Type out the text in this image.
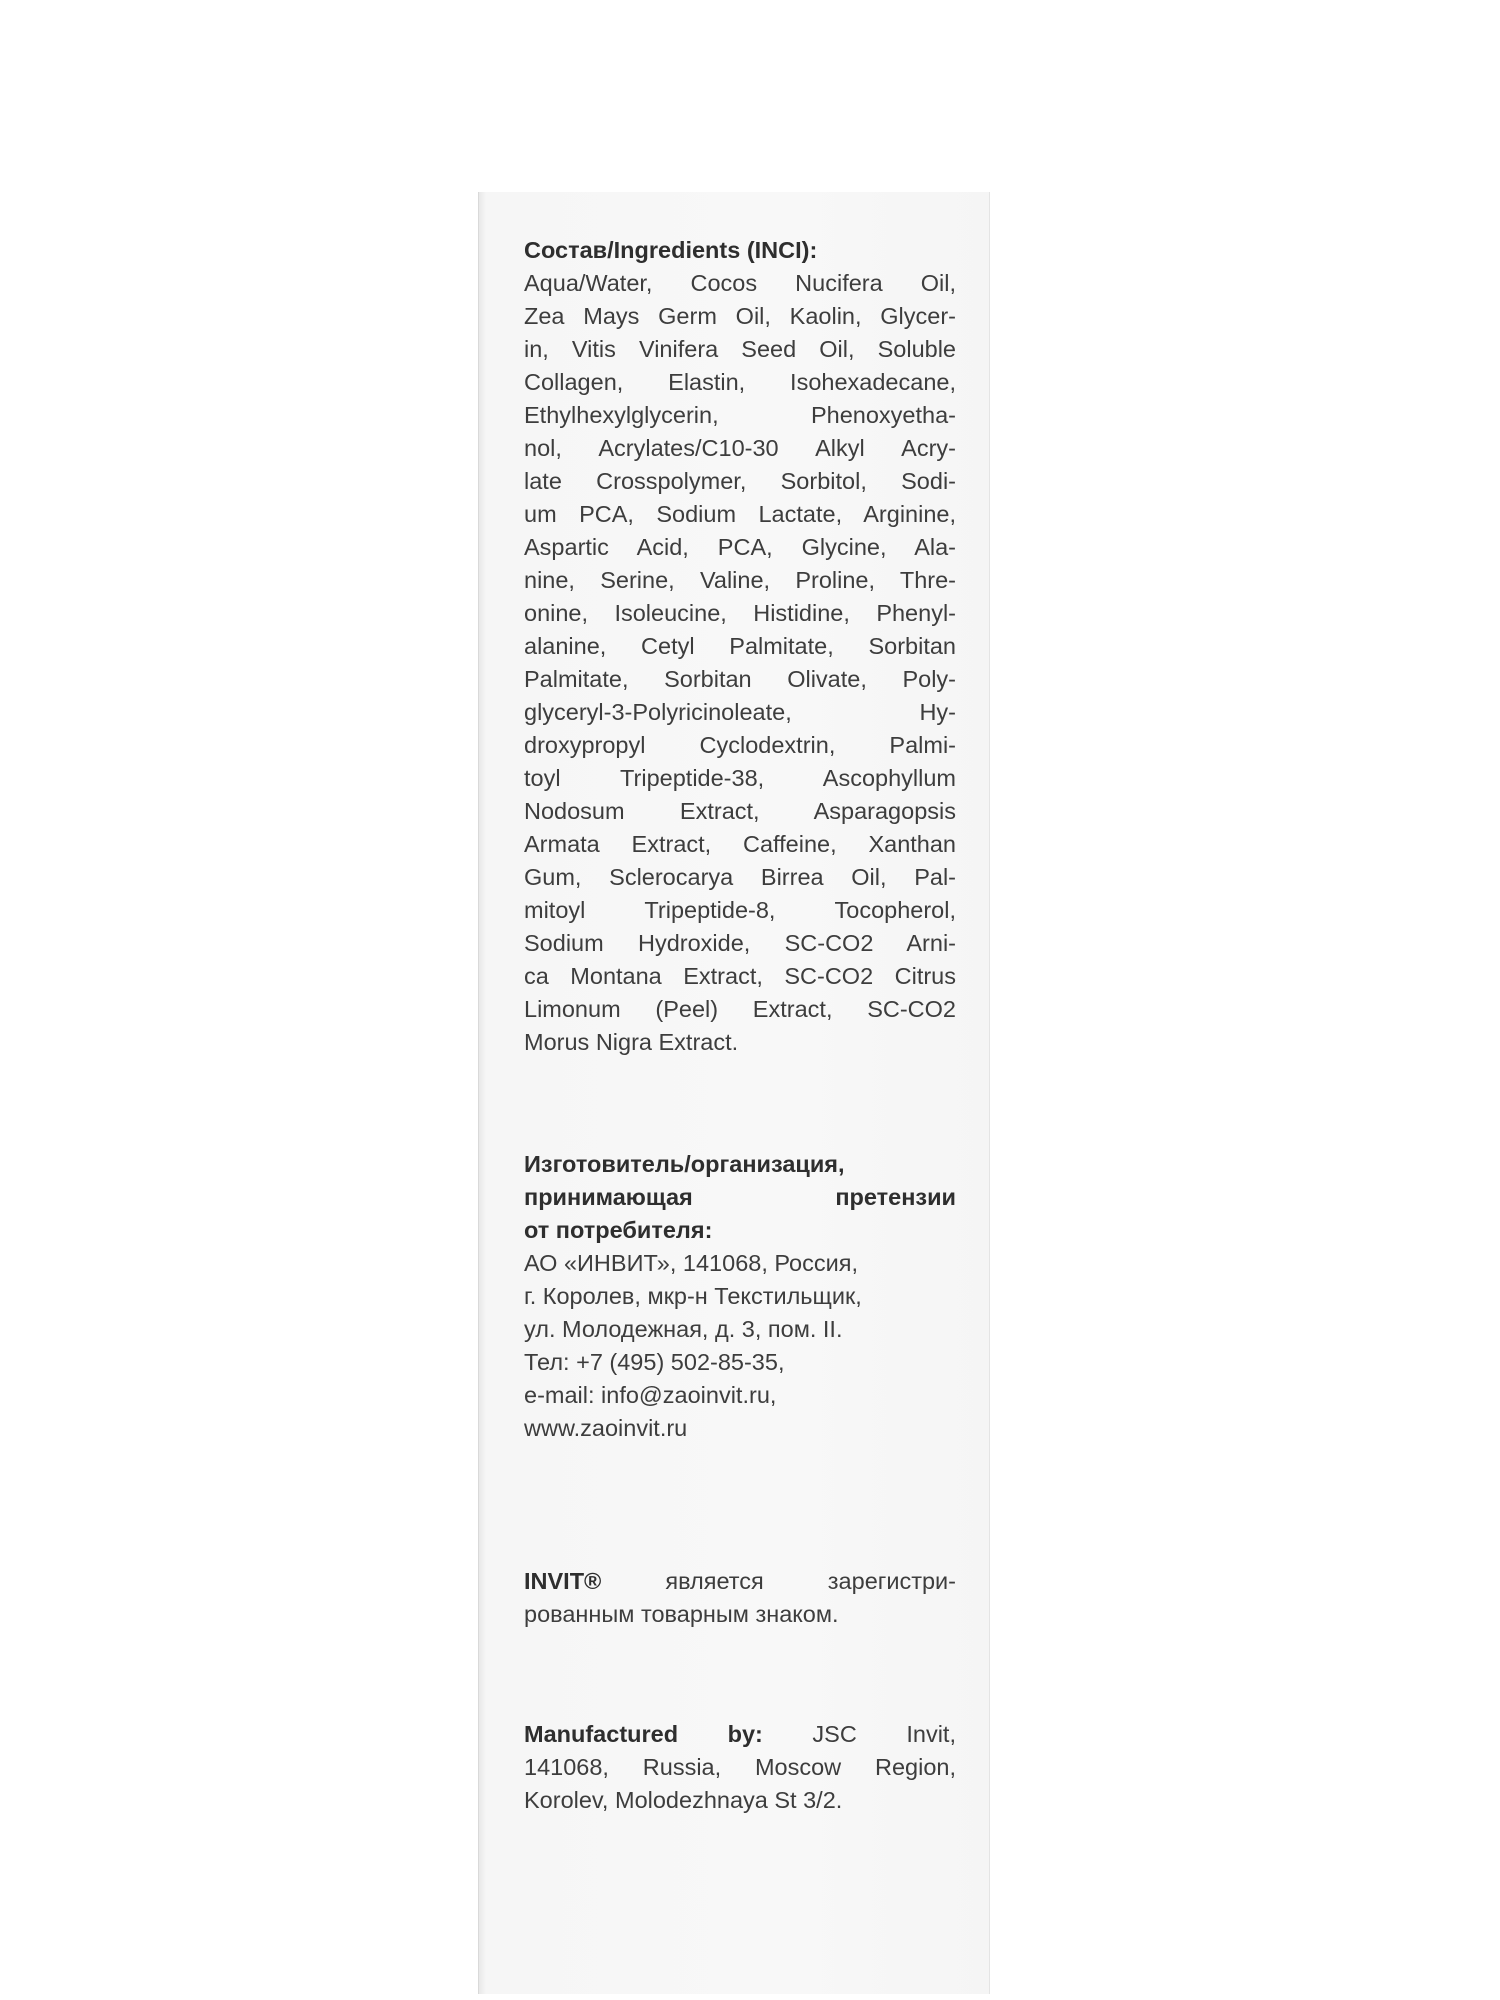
Состав/Ingredients (INCI):
Aqua/Water, Cocos Nucifera Oil,
Zea Mays Germ Oil, Kaolin, Glycer-
in, Vitis Vinifera Seed Oil, Soluble
Collagen, Elastin, Isohexadecane,
Ethylhexylglycerin, Phenoxyetha-
nol, Acrylates/C10-30 Alkyl Acry-
late Crosspolymer, Sorbitol, Sodi-
um PCA, Sodium Lactate, Arginine,
Aspartic Acid, PCA, Glycine, Ala-
nine, Serine, Valine, Proline, Thre-
onine, Isoleucine, Histidine, Phenyl-
alanine, Cetyl Palmitate, Sorbitan
Palmitate, Sorbitan Olivate, Poly-
glyceryl-3-Polyricinoleate, Hy-
droxypropyl Cyclodextrin, Palmi-
toyl Tripeptide-38, Ascophyllum
Nodosum Extract, Asparagopsis
Armata Extract, Caffeine, Xanthan
Gum, Sclerocarya Birrea Oil, Pal-
mitoyl Tripeptide-8, Tocopherol,
Sodium Hydroxide, SC-CO2 Arni-
ca Montana Extract, SC-CO2 Citrus
Limonum (Peel) Extract, SC-CO2
Morus Nigra Extract.
Изготовитель/организация,
принимающая претензии
от потребителя:
АО «ИНВИТ», 141068, Россия,
г. Королев, мкр-н Текстильщик,
ул. Молодежная, д. 3, пом. II.
Тел: +7 (495) 502-85-35,
e-mail: info@zaoinvit.ru,
www.zaoinvit.ru
INVIT® является зарегистри-
рованным товарным знаком.
Manufactured by: JSC Invit,
141068, Russia, Moscow Region,
Korolev, Molodezhnaya St 3/2.
